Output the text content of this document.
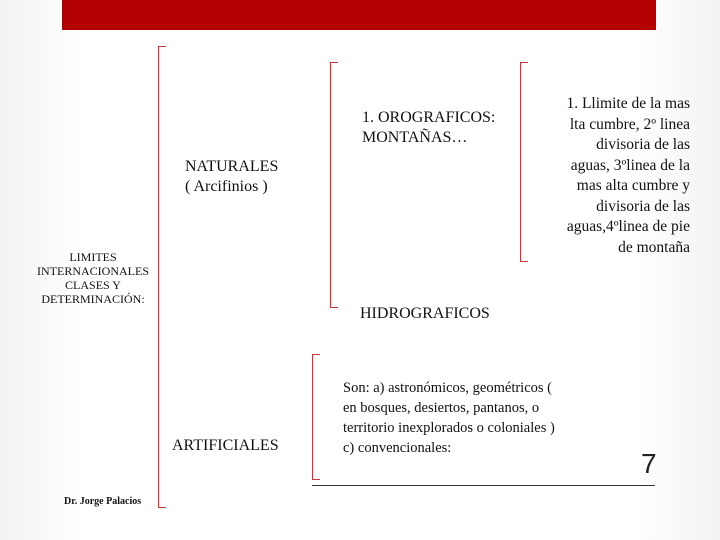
LIMITES INTERNACIONALES CLASES Y DETERMINACIÓN:
NATURALES
( Arcifinios )
ARTIFICIALES
1. OROGRAFICOS:
MONTAÑAS…
HIDROGRAFICOS
1. Llimite de la mas
lta cumbre, 2º linea
divisoria de las
aguas, 3ºlinea de la
mas alta cumbre y
divisoria de las
aguas,4ºlinea de pie
de montaña
Son: a) astronómicos, geométricos (
en bosques, desiertos, pantanos, o
territorio inexplorados o coloniales )
c) convencionales:	7
Dr. Jorge Palacios
